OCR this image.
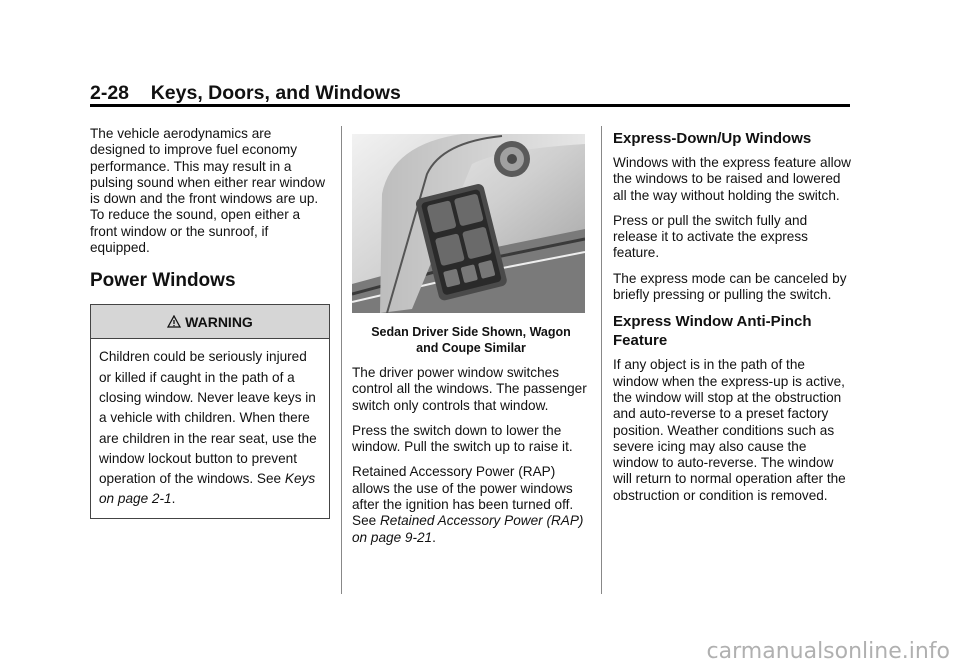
2-28 Keys, Doors, and Windows

The vehicle aerodynamics are designed to improve fuel economy performance. This may result in a pulsing sound when either rear window is down and the front windows are up. To reduce the sound, open either a front window or the sunroof, if equipped.

Power Windows
WARNING
Children could be seriously injured or killed if caught in the path of a closing window. Never leave keys in a vehicle with children. When there are children in the rear seat, use the window lockout button to prevent operation of the windows. See Keys on page 2-1.
Sedan Driver Side Shown, Wagon
and Coupe Similar

The driver power window switches control all the windows. The passenger switch only controls that window.

Press the switch down to lower the window. Pull the switch up to raise it.

Retained Accessory Power (RAP) allows the use of the power windows after the ignition has been turned off. See Retained Accessory Power (RAP) on page 9-21.

Express-Down/Up Windows

Windows with the express feature allow the windows to be raised and lowered all the way without holding the switch.

Press or pull the switch fully and release it to activate the express feature.

The express mode can be canceled by briefly pressing or pulling the switch.

Express Window Anti-Pinch Feature

If any object is in the path of the window when the express-up is active, the window will stop at the obstruction and auto-reverse to a preset factory position. Weather conditions such as severe icing may also cause the window to auto-reverse. The window will return to normal operation after the obstruction or condition is removed.

carmanualsonline.info
